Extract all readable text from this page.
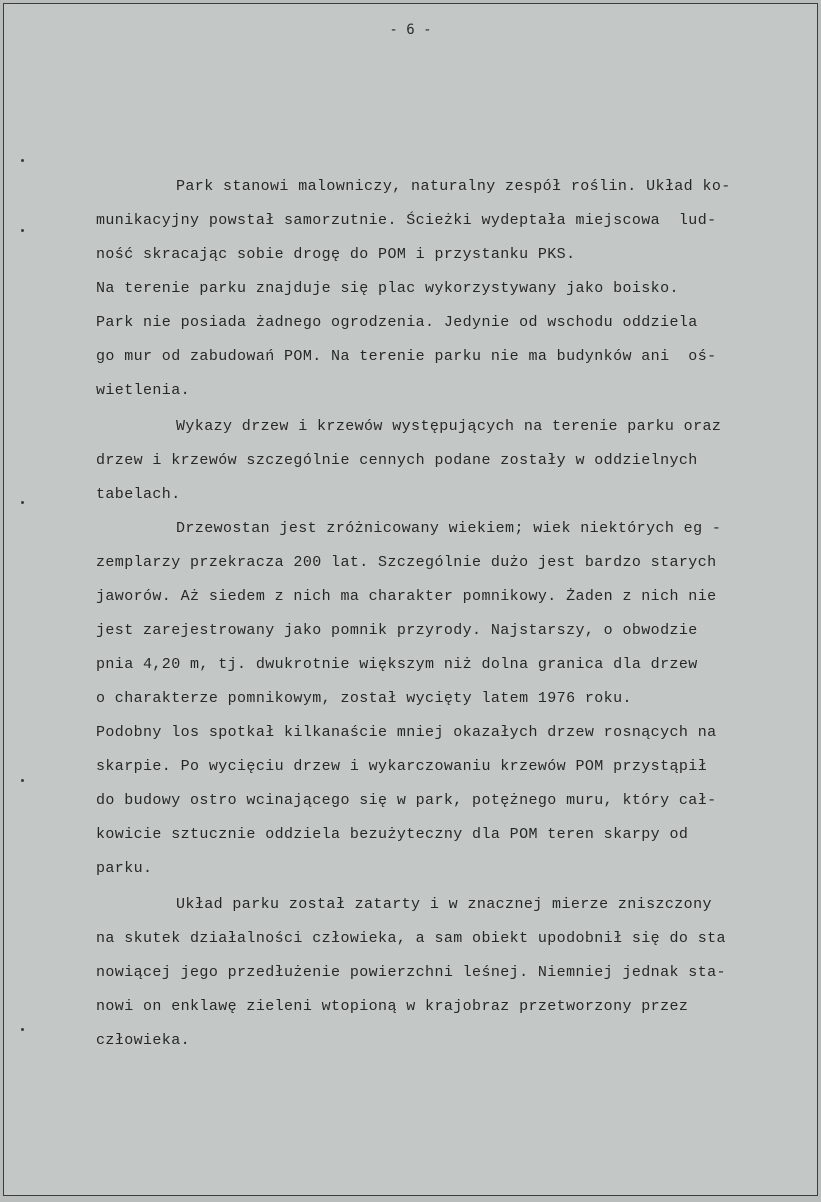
- 6 -
Park stanowi malowniczy, naturalny zespół roślin. Układ ko-
munikacyjny powstał samorzutnie. Ścieżki wydeptała miejscowa  lud-
ność skracając sobie drogę do POM i przystanku PKS.
Na terenie parku znajduje się plac wykorzystywany jako boisko.
Park nie posiada żadnego ogrodzenia. Jedynie od wschodu oddziela
go mur od zabudowań POM. Na terenie parku nie ma budynków ani  oś-
wietlenia.
Wykazy drzew i krzewów występujących na terenie parku oraz
drzew i krzewów szczególnie cennych podane zostały w oddzielnych
tabelach.
Drzewostan jest zróżnicowany wiekiem; wiek niektórych eg -
zemplarzy przekracza 200 lat. Szczególnie dużo jest bardzo starych
jaworów. Aż siedem z nich ma charakter pomnikowy. Żaden z nich nie
jest zarejestrowany jako pomnik przyrody. Najstarszy, o obwodzie
pnia 4,20 m, tj. dwukrotnie większym niż dolna granica dla drzew
o charakterze pomnikowym, został wycięty latem 1976 roku.
Podobny los spotkał kilkanaście mniej okazałych drzew rosnących na
skarpie. Po wycięciu drzew i wykarczowaniu krzewów POM przystąpił
do budowy ostro wcinającego się w park, potężnego muru, który cał-
kowicie sztucznie oddziela bezużyteczny dla POM teren skarpy od
parku.
Układ parku został zatarty i w znacznej mierze zniszczony
na skutek działalności człowieka, a sam obiekt upodobnił się do sta
nowiącej jego przedłużenie powierzchni leśnej. Niemniej jednak sta-
nowi on enklawę zieleni wtopioną w krajobraz przetworzony przez
człowieka.
